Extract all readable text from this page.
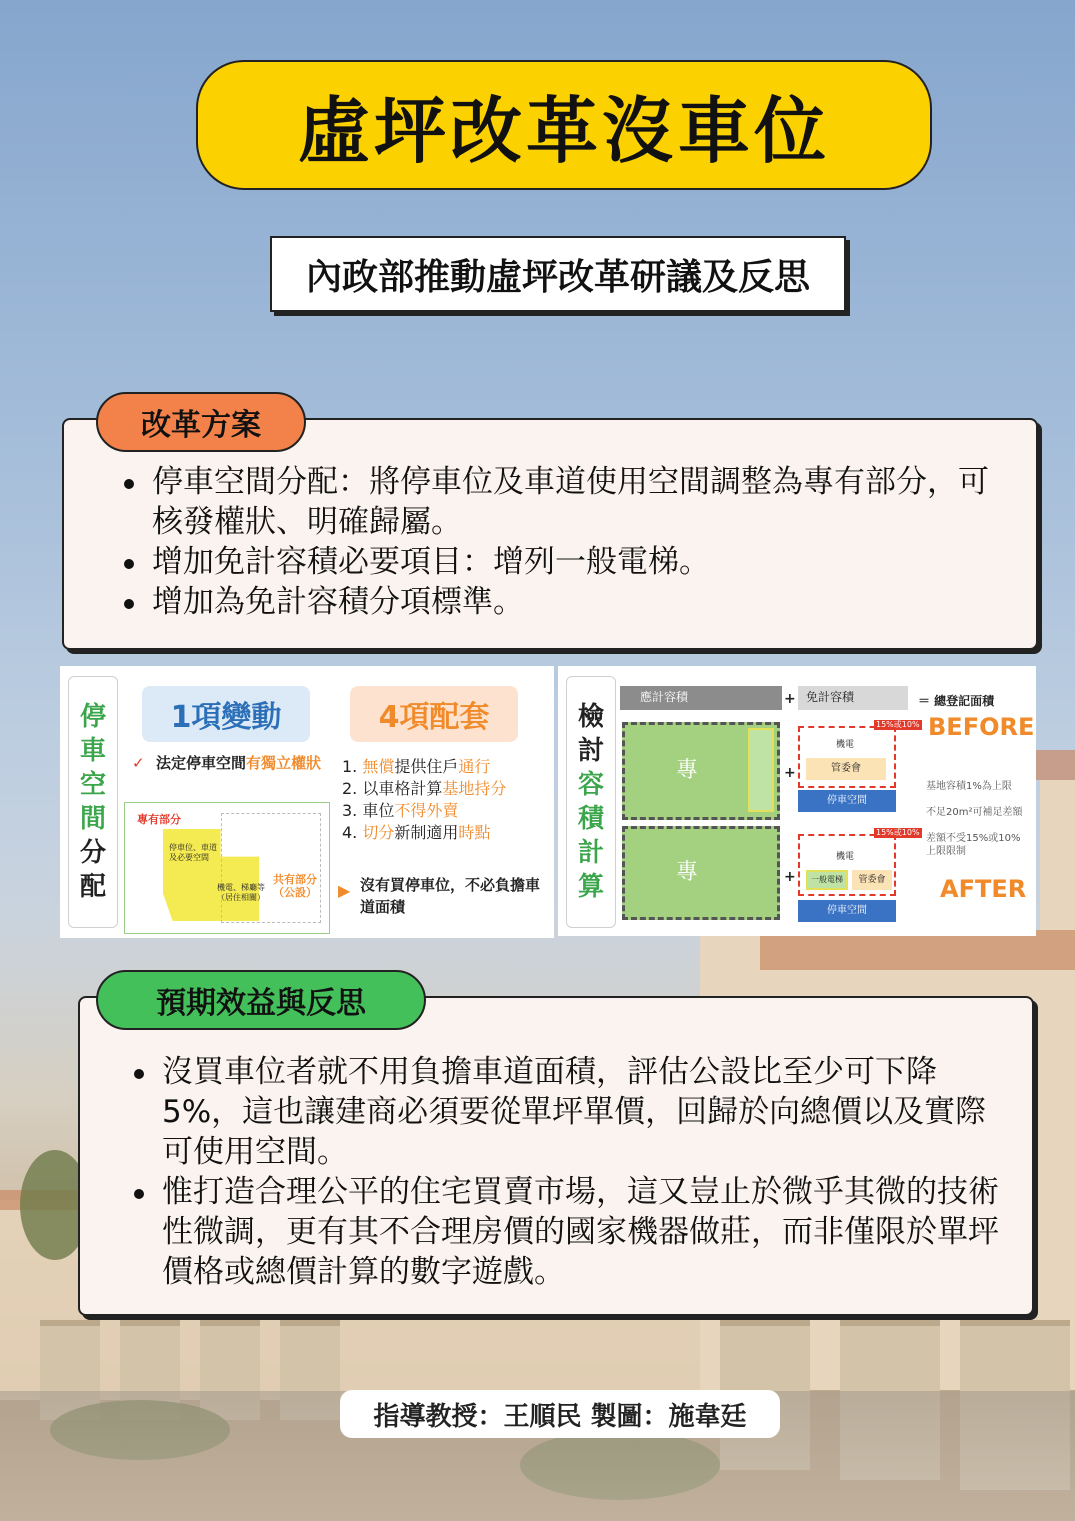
虛坪改革沒車位
內政部推動虛坪改革研議及反思
改革方案
停車空間分配：將停車位及車道使用空間調整為專有部分，可核發權狀、明確歸屬。
增加免計容積必要項目：增列一般電梯。
增加為免計容積分項標準。
停
車
空
間
分
配
1項變動	4項配套
✓ 法定停車空間有獨立權狀
專有部分
停車位、車道及必要空間
機電、梯廳等（居住相關）
共有部分（公設）
1. 無償提供住戶通行
2. 以車格計算基地持分
3. 車位不得外賣
4. 切分新制適用時點
▶ 沒有買停車位，不必負擔車道面積
檢
討
容
積
計
算
應計容積	+ 免計容積	＝ 總登記面積
專
專
+
+
15%或10%
機電
管委會
停車空間
15%或10%
機電
一般電梯	管委會
停車空間
BEFORE
基地容積1%為上限
不足20m²可補足差額
差額不受15%或10%上限限制
AFTER
預期效益與反思
沒買車位者就不用負擔車道面積，評估公設比至少可下降5%，這也讓建商必須要從單坪單價，回歸於向總價以及實際可使用空間。
惟打造合理公平的住宅買賣市場，這又豈止於微乎其微的技術性微調，更有其不合理房價的國家機器做莊，而非僅限於單坪價格或總價計算的數字遊戲。
指導教授：王順民 製圖：施韋廷
